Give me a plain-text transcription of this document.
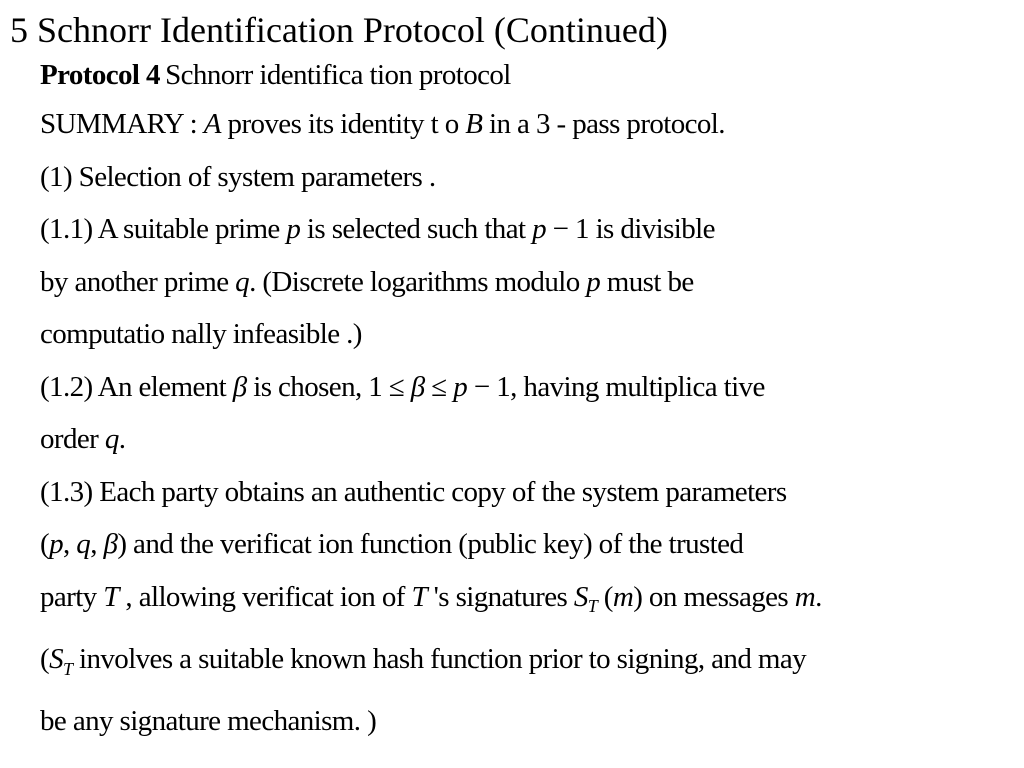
5 Schnorr Identification Protocol (Continued)
Protocol 4 Schnorr identifica tion protocol
SUMMARY : A proves its identity t o B in a 3 - pass protocol.
(1) Selection of system parameters .
(1.1) A suitable prime p is selected such that p − 1 is divisible
by another prime q. (Discrete logarithms modulo p must be
computatio nally infeasible .)
(1.2) An element β is chosen, 1 ≤ β ≤ p − 1, having multiplica tive
order q.
(1.3) Each party obtains an authentic copy of the system parameters
(p, q, β) and the verificat ion function (public key) of the trusted
party T , allowing verificat ion of T 's signatures $S_T$ (m) on messages m.
($S_T$ involves a suitable known hash function prior to signing, and may
be any signature mechanism. )
